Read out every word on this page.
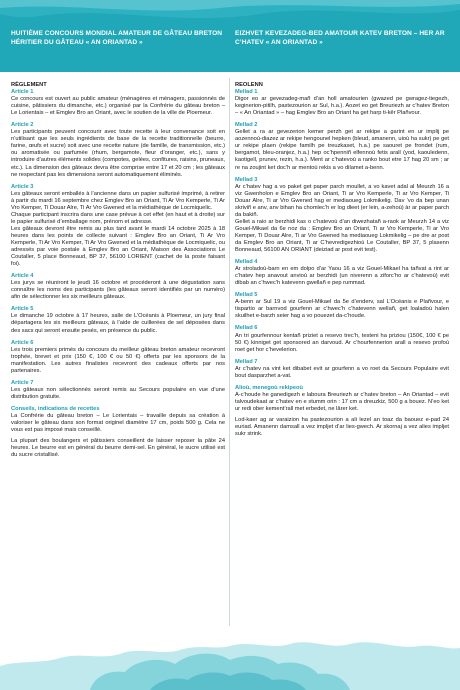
HUITIÈME CONCOURS MONDIAL AMATEUR DE GÂTEAU BRETON HÉRITIER DU GÂTEAU « AN ORIANTAD »
EIZHVET KEVEZADEG-BED AMATOUR KATEV BRETON – HER AR C’HATEV « AN ORIANTAD »

RÈGLEMENT

Article 1

Ce concours est ouvert au public amateur (ménagères et ménagers, passionnés de cuisine, pâtissiers du dimanche, etc.) organisé par la Confrérie du gâteau breton – Le Lorientais – et Emglev Bro an Oriant, avec le soutien de la ville de Ploemeur.

Article 2

Les participants peuvent concourir avec toute recette à leur convenance soit en n’utilisant que les seuls ingrédients de base de la recette traditionnelle (beurre, farine, œufs et sucre) soit avec une recette nature (de famille, de transmission, etc.) ou aromatisée ou parfumée (rhum, bergamote, fleur d’oranger, etc.), sans y introduire d’autres éléments solides (compotes, gelées, confitures, raisins, pruneaux, etc.). La dimension des gâteaux devra être comprise entre 17 et 20 cm ; les gâteaux ne respectant pas les dimensions seront automatiquement éliminés.

Article 3

Les gâteaux seront emballés à l’ancienne dans un papier sulfurisé imprimé, à retirer à partir du mardi 16 septembre chez Emglev Bro an Oriant, Ti Ar Vro Kemperle, Ti Ar Vro Kemper, Ti Douar Alre, Ti Ar Vro Gwened et la médiathèque de Locmiquelic.

Chaque participant inscrira dans une case prévue à cet effet (en haut et à droite) sur le papier sulfurisé d’emballage nom, prénom et adresse.

Les gâteaux devront être remis au plus tard avant le mardi 14 octobre 2025 à 18 heures dans les points de collecte suivant : Emglev Bro an Oriant, Ti Ar Vro Kemperle, Ti Ar Vro Kemper, Ti Ar Vro Gwened et la médiathèque de Locmiquelic, ou adressés par voie postale à Emglev Bro an Oriant, Maison des Associations Le Coutaller, 5 place Bonneaud, BP 37, 56100 LORIENT (cachet de la poste faisant foi).

Article 4

Les jurys se réuniront le jeudi 16 octobre et procéderont à une dégustation sans connaître les noms des participants (les gâteaux seront identifiés par un numéro) afin de sélectionner les six meilleurs gâteaux.

Article 5

Le dimanche 19 octobre à 17 heures, salle de L’Océanis à Ploemeur, un jury final départagera les six meilleurs gâteaux, à l’aide de cuillerées de sel déposées dans des sacs qui seront ensuite pesés, en présence du public.

Article 6

Les trois premiers primés du concours du meilleur gâteau breton amateur recevront trophée, brevet et prix (150 €, 100 € ou 50 €) offerts par les sponsors de la manifestation. Les autres finalistes recevront des cadeaux offerts par nos partenaires.

Article 7

Les gâteaux non sélectionnés seront remis au Secours populaire en vue d’une distribution gratuite.

Conseils, indications de recettes

La Confrérie du gâteau breton – Le Lorientais – travaille depuis sa création à valoriser le gâteau dans son format originel diamètre 17 cm, poids 500 g. Cela ne vous est pas imposé mais conseillé.

La plupart des boulangers et pâtissiers conseillent de laisser reposer la pâte 24 heures. Le beurre est en général du beurre demi-sel. En général, le sucre utilisé est du sucre cristallisé.

REOLENN

Mellad 1

Digor eo ar gevezadeg-mañ d’an holl amatourien (gwazed pe gwragez-tiegezh, keginerion-pitilh, pastezourion ar Sul, h.a.). Aozet eo get Breuriezh ar c’hatev Breton – « An Oriantad » – hag Emglev Bro an Oriant ha get harp ti-kêr Plañvour.

Mellad 2

Gellet a ra ar gevezerion kemer perzh get ar rekipe a garint en ur implij pe aozennoù-diazez ar rekipe hengounel hepken (bleud, amanenn, uioù ha sukr) pe get ur rekipe plaen (rekipe familh pe treuzkaset, h.a.) pe saouret pe frondet (rum, bergamot, bleu-oranjez, h.a.) hep oc’hpenniñ elfennoù fetis arall (yod, kaouledenn, kaotigell, prunev, rezin, h.a.). Ment ar c’hatevoù a ranko bout etre 17 hag 20 sm ; ar re na zoujint ket doc’h ar mentoù rekis a vo dilamet a-benn.

Mellad 3

Ar c’hatev hag a vo paket get paper parch moullet, a vo kavet adal al Meurzh 16 a viz Gwenholon e Emglev Bro an Oriant, Ti ar Vro Kemperle, Ti ar Vro Kemper, Ti Douar Alre, Ti ar Vro Gwened hag er mediaoueg Lokmikelig. Dav ’vo da bep unan skriviñ e anv, anv bihan ha chomlec’h er log dleet (er lein, a-zehoù) àr ar paper parch da bakiñ.

Gellet a raio ar berzhidi kas o c’hatevoù d’an diwezhatañ a-raok ar Meurzh 14 a viz Gouel-Mikael da 6e noz da : Emglev Bro an Oriant, Ti ar Vro Kemperle, Ti ar Vro Kemper, Ti Douar Alre, Ti ar Vro Gwened ha mediaoueg Lokmikelig – pe dre ar post da Emglev Bro an Oriant, Ti ar C’hevredigezhioù Le Coutaller, BP 37, 5 plasenn Bonneaud, 56100 AN ORIANT (deiziad ar post evit test).

Mellad 4

Ar stroladoù-barn en em dolpo d’ar Yaou 16 a viz Gouel-Mikael ha tañvat a rint ar c’hatev hep anavout anvioù ar berzhidi (un niverenn a ziforc’ho ar c’hatevoù) evit dibab an c’hwec’h katevenn gwellañ e pep rummad.

Mellad 5

A-benn ar Sul 19 a viz Gouel-Mikael da 5e d’enderv, sal L’Océanis e Plañvour, e tispartio ar barnvod gourfenn ar c’hwec’h c’hatevenn wellañ, get loaladoù halen skuilhet e-barzh seier hag a vo pouezet da-c’houde.

Mellad 6

An tri gourfennour kentañ priziet a resevo trec’h, testeni ha priziou (150€, 100 € pe 50 €) kinniget get sponsored an darvoud. Ar c’hourfennerion arall a resevo profoù roet get hor c’hevelerion.

Mellad 7

Ar c’hatev na vint ket dibabet evit ar gourfenn a vo roet da Secours Populaire evit bout dasparzhet a-vat.

Alioù, menegoù rekipeoù

A-c’houde he ganedigezh e laboura Breuriezh ar c’hatev breton – An Oriantad – evit talvoudekaat ar c’hatev en e stumm orin : 17 cm a dreuzkiz, 500 g a bouez. N’eo ket ur redi ober kement’rall met erbedet, ne lârer ket.

Lod-kaer ag ar varaizion ha pastezourion a ali lezel an toaz da baouez e-pad 24 euriad. Amanenn damsall a vez impljet d’ar lies-gwech. Ar skornaj a vez alies impljet sukr strink.
